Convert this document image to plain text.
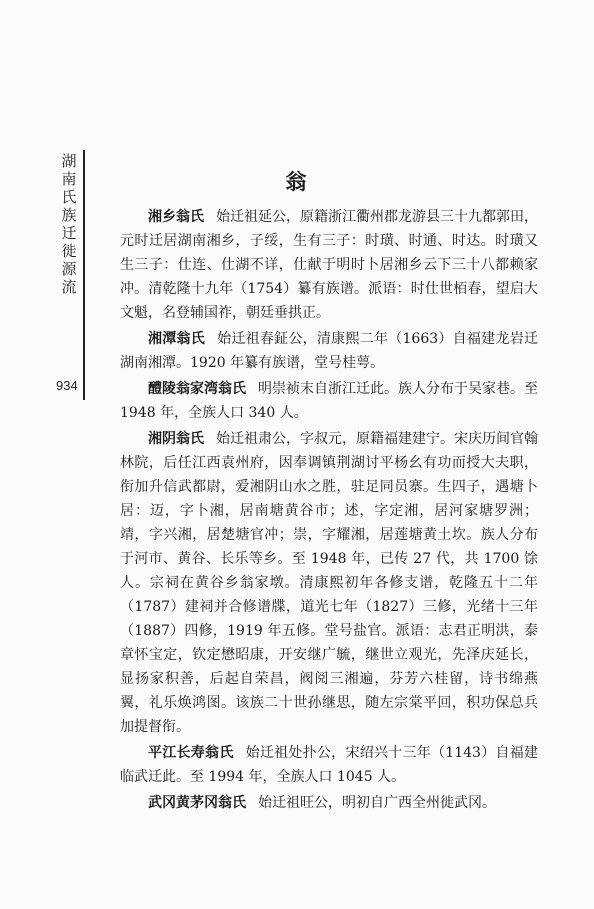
湖南氏族迁徙源流
934
翁

湘乡翁氏 始迁祖延公，原籍浙江衢州郡龙游县三十九都郭田，元时迁居湖南湘乡，子绥，生有三子：时璜、时通、时达。时璜又生三子：仕连、仕湖不详，仕献于明时卜居湘乡云下三十八都赖家冲。清乾隆十九年（1754）纂有族谱。派语：时仕世栢春，望启大文魁，名登辅国祚，朝廷垂拱正。

湘潭翁氏 始迁祖春鉦公，清康熙二年（1663）自福建龙岩迁湖南湘潭。1920 年纂有族谱，堂号桂萼。

醴陵翁家湾翁氏 明崇祯末自浙江迁此。族人分布于吴家巷。至 1948 年，全族人口 340 人。

湘阴翁氏 始迁祖肃公，字叔元，原籍福建建宁。宋庆历间官翰林院，后任江西袁州府，因奉调镇荆湖讨平杨幺有功而授大夫职，衔加升信武都尉，爱湘阴山水之胜，驻足同员寨。生四子，遇塘卜居：迈，字卜湘，居南塘黄谷市；述，字定湘，居河家塘罗洲；靖，字兴湘，居楚塘官冲；崇，字耀湘，居莲塘黄土坎。族人分布于河市、黄谷、长乐等乡。至 1948 年，已传 27 代，共 1700 馀人。宗祠在黄谷乡翁家墩。清康熙初年各修支谱，乾隆五十二年（1787）建祠并合修谱牒，道光七年（1827）三修，光绪十三年（1887）四修，1919 年五修。堂号盐官。派语：志君正明洪，泰章怀宝定，钦定懋昭康，开安继广毓，继世立观光，先泽庆延长，显扬家积善，后起自荣昌，阀阅三湘遍，芬芳六桂留，诗书绵燕翼，礼乐焕鸿图。该族二十世孙继思，随左宗棠平回，积功保总兵加提督衔。

平江长寿翁氏 始迁祖处扑公，宋绍兴十三年（1143）自福建临武迁此。至 1994 年，全族人口 1045 人。

武冈黄茅冈翁氏 始迁祖旺公，明初自广西全州徙武冈。
